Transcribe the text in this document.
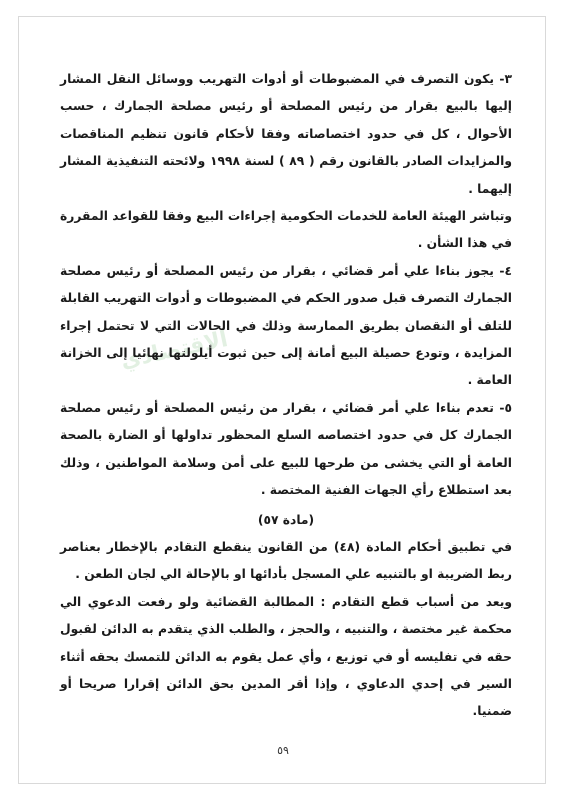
الاقتصادي

٣- يكون التصرف في المضبوطات أو أدوات التهريب ووسائل النقل المشار إليها بالبيع بقرار من رئيس المصلحة أو رئيس مصلحة الجمارك ، حسب الأحوال ، كل في حدود اختصاصاته وفقا لأحكام قانون تنظيم المناقصات والمزايدات الصادر بالقانون رقم ( ٨٩ ) لسنة ١٩٩٨ ولائحته التنفيذية المشار إليهما .

وتباشر الهيئة العامة للخدمات الحكومية إجراءات البيع وفقا للقواعد المقررة في هذا الشأن .

٤- يجوز بناءا علي أمر قضائي ، بقرار من رئيس المصلحة أو رئيس مصلحة الجمارك التصرف قبل صدور الحكم في المضبوطات و أدوات التهريب القابلة للتلف أو النقصان بطريق الممارسة وذلك في الحالات التي لا تحتمل إجراء المزايدة ، وتودع حصيلة البيع أمانة إلى حين ثبوت أيلولتها نهائيا إلى الخزانة العامة .

٥- تعدم بناءا علي أمر قضائي ، بقرار من رئيس المصلحة أو رئيس مصلحة الجمارك كل في حدود اختصاصه السلع المحظور تداولها أو الضارة بالصحة العامة أو التي يخشى من طرحها للبيع على أمن وسلامة المواطنين ، وذلك بعد استطلاع رأي الجهات الفنية المختصة .

(مادة ٥٧)

في تطبيق أحكام المادة (٤٨) من القانون ينقطع التقادم بالإخطار بعناصر ربط الضريبة او بالتنبيه علي المسجل بأدائها او بالإحالة الي لجان الطعن .

ويعد من أسباب قطع التقادم : المطالبة القضائية ولو رفعت الدعوي الي محكمة غير مختصة ، والتنبيه ، والحجز ، والطلب الذي يتقدم به الدائن لقبول حقه في تفليسه أو في توزيع ، وأي عمل يقوم به الدائن للتمسك بحقه أثناء السير في إحدي الدعاوي ، وإذا أقر المدين بحق الدائن إقرارا صريحا أو ضمنيا.

٥٩
